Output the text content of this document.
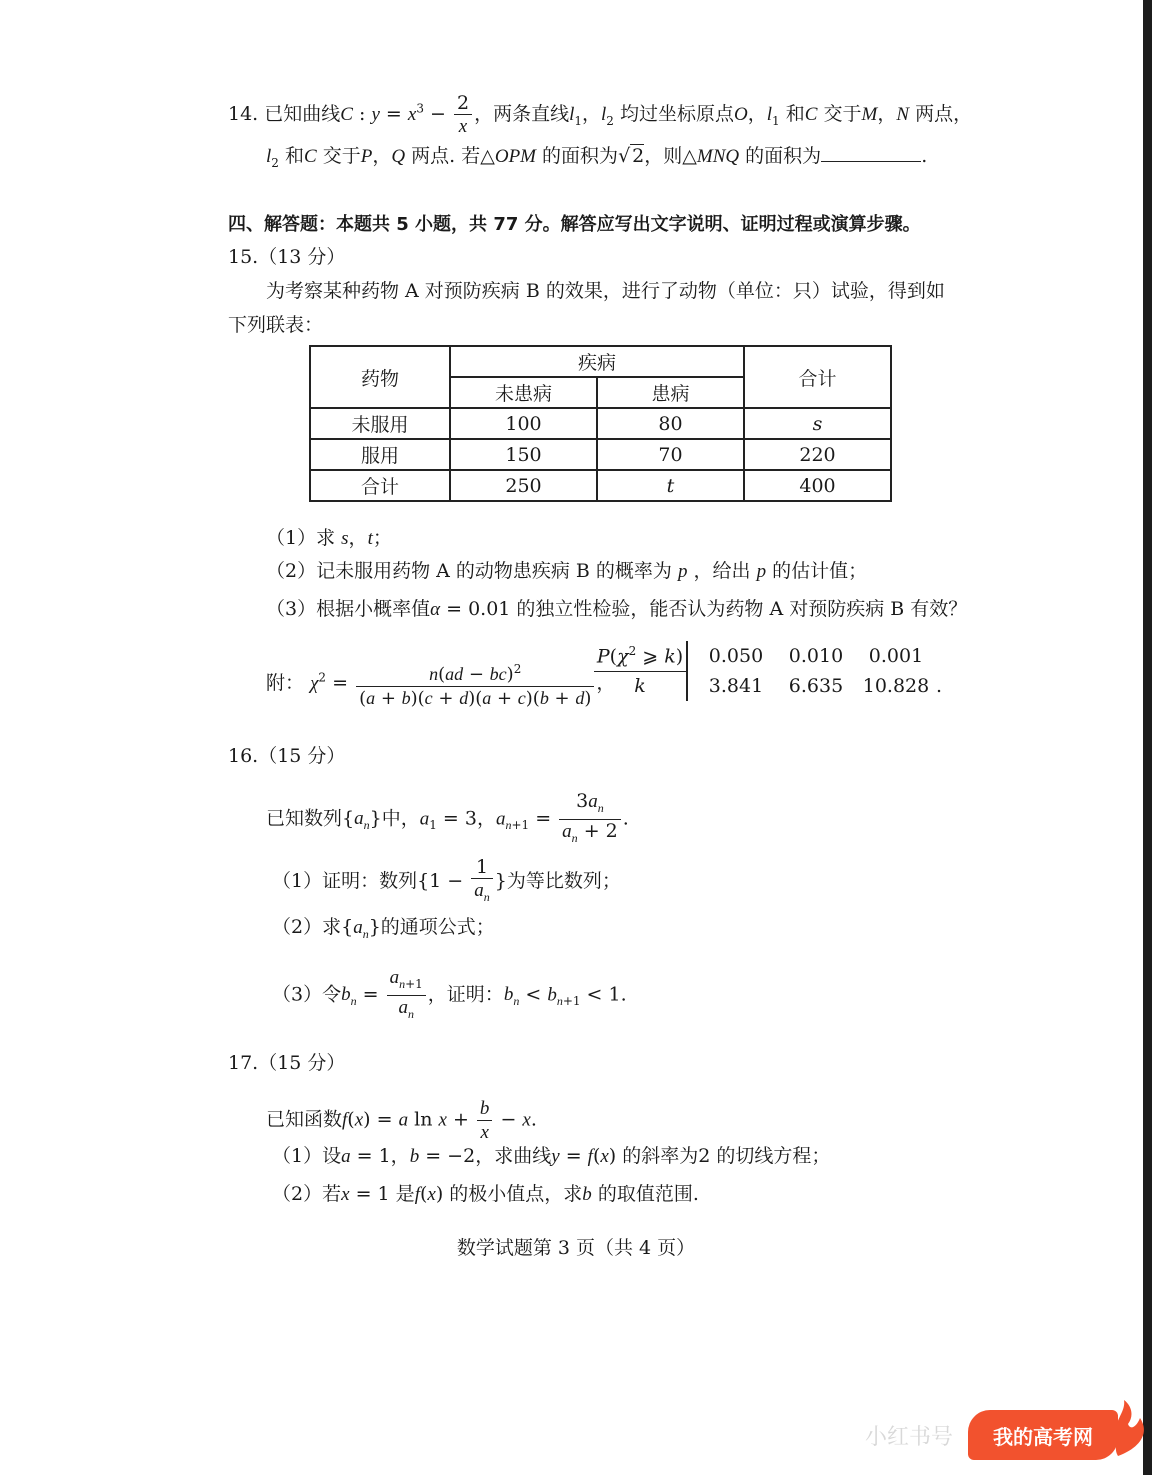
14. 已知曲线C : $y = x^3 - \frac{2}{x}$ ，两条直线$l_1$，$l_2$ 均过坐标原点O，$l_1$ 和C 交于M，N 两点，
$l_2$ 和C 交于P，Q 两点. 若△OPM 的面积为√ 2，则△MNQ 的面积为	.
四、解答题：本题共 5 小题，共 77 分。解答应写出文字说明、证明过程或演算步骤。
15.（13 分）
为考察某种药物 A 对预防疾病 B 的效果，进行了动物（单位：只）试验，得到如
下列联表：
药物	疾病		合计
	未患病	患病	
未服用	100	80	s
服用	150	70	220
合计	250	t	400
（1）求 s，t；
（2）记未服用药物 A 的动物患疾病 B 的概率为 p ，给出 p 的估计值；
（3）根据小概率值α = 0.01 的独立性检验，能否认为药物 A 对预防疾病 B 有效？
附： $\chi^2 = \frac{n(ad - bc)^2}{(a + b)(c + d)(a + c)(b + d)}$ ，
$P(\chi^2$ ⩾ k)	0.050	0.010	0.001
k	3.841	6.635	10.828 .
16.（15 分）
已知数列$\{a_n\}$中，$a_1 = 3$，$a_{n+1} = \frac{3a_n}{a_n + 2}$ .
（1）证明：数列{$1 - \frac{1}{a_n}$ }为等比数列；
（2）求$\{a_n\}$的通项公式；
（3）令$b_n = \frac{a_{n+1}}{a_n}$ ，证明：$b_n < b_{n+1} < 1$.
17.（15 分）
已知函数f(x) = a $\ln x + \frac{b}{x} - x$.
（1）设a = 1，b = −2，求曲线y = f(x) 的斜率为2 的切线方程；
（2）若x = 1 是f(x) 的极小值点，求b 的取值范围.
数学试题第 3 页（共 4 页）
小红书号 我的高考网
